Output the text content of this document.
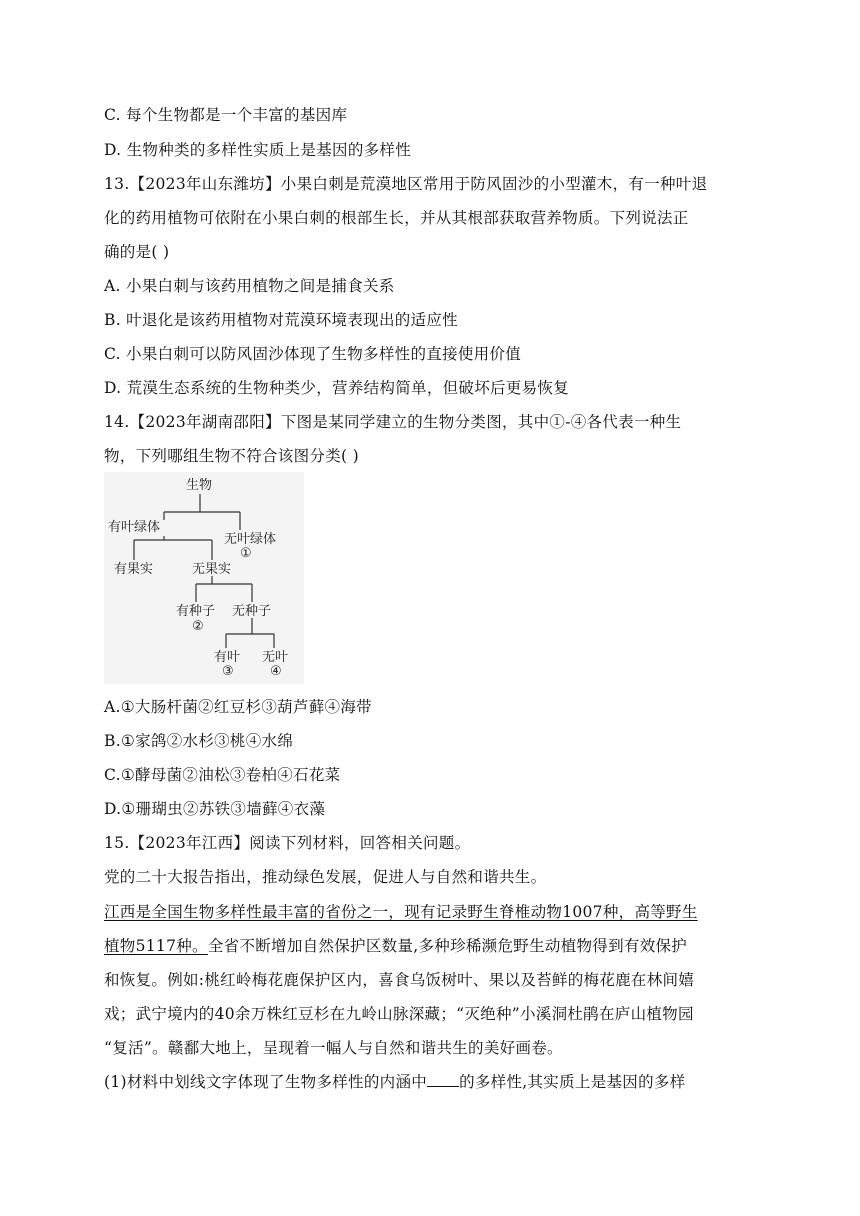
C. 每个生物都是一个丰富的基因库
D. 生物种类的多样性实质上是基因的多样性
13.【2023年山东潍坊】小果白刺是荒漠地区常用于防风固沙的小型灌木，有一种叶退
化的药用植物可依附在小果白刺的根部生长，并从其根部获取营养物质。下列说法正
确的是( )
A. 小果白刺与该药用植物之间是捕食关系
B. 叶退化是该药用植物对荒漠环境表现出的适应性
C. 小果白刺可以防风固沙体现了生物多样性的直接使用价值
D. 荒漠生态系统的生物种类少，营养结构简单，但破坏后更易恢复
14.【2023年湖南邵阳】下图是某同学建立的生物分类图，其中①-④各代表一种生
物，下列哪组生物不符合该图分类( )
生物
有叶绿体
无叶绿体
①
有果实	无果实
有种子
②
无种子
有叶
③
无叶
④
A.①大肠杆菌②红豆杉③葫芦藓④海带
B.①家鸽②水杉③桃④水绵
C.①酵母菌②油松③卷柏④石花菜
D.①珊瑚虫②苏铁③墙藓④衣藻
15.【2023年江西】阅读下列材料，回答相关问题。
党的二十大报告指出，推动绿色发展，促进人与自然和谐共生。
江西是全国生物多样性最丰富的省份之一，现有记录野生脊椎动物1007种，高等野生
植物5117种。全省不断增加自然保护区数量,多种珍稀濒危野生动植物得到有效保护
和恢复。例如:桃红岭梅花鹿保护区内，喜食乌饭树叶、果以及苔鲜的梅花鹿在林间嬉
戏；武宁境内的40余万株红豆杉在九岭山脉深藏；“灭绝种”小溪洞杜鹃在庐山植物园
“复活”。赣鄱大地上，呈现着一幅人与自然和谐共生的美好画卷。
(1)材料中划线文字体现了生物多样性的内涵中 的多样性,其实质上是基因的多样
